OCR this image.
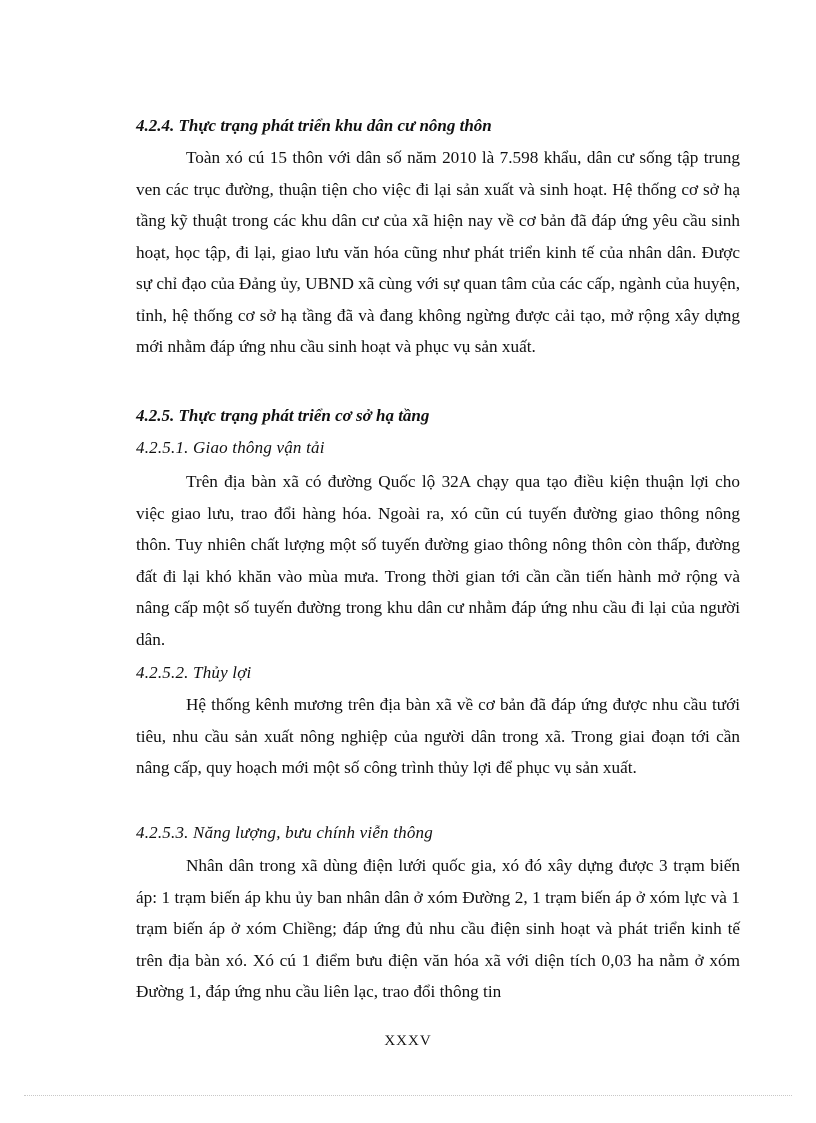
4.2.4. Thực trạng phát triển khu dân cư nông thôn

Toàn xó cú 15 thôn với dân số năm 2010 là 7.598 khẩu, dân cư sống tập trung ven các trục đường, thuận tiện cho việc đi lại sản xuất và sinh hoạt. Hệ thống cơ sở hạ tầng kỹ thuật trong các khu dân cư của xã hiện nay về cơ bản đã đáp ứng yêu cầu sinh hoạt, học tập, đi lại, giao lưu văn hóa cũng như phát triển kinh tế của nhân dân. Được sự chỉ đạo của Đảng ủy, UBND xã cùng với sự quan tâm của các cấp, ngành của huyện, tỉnh, hệ thống cơ sở hạ tầng đã và đang không ngừng được cải tạo, mở rộng xây dựng mới nhằm đáp ứng nhu cầu sinh hoạt và phục vụ sản xuất.

4.2.5. Thực trạng phát triển cơ sở hạ tầng
4.2.5.1. Giao thông vận tải

Trên địa bàn xã có đường Quốc lộ 32A chạy qua tạo điều kiện thuận lợi cho việc giao lưu, trao đổi hàng hóa. Ngoài ra, xó cũn cú tuyến đường giao thông nông thôn. Tuy nhiên chất lượng một số tuyến đường giao thông nông thôn còn thấp, đường đất đi lại khó khăn vào mùa mưa. Trong thời gian tới cần cần tiến hành mở rộng và nâng cấp một số tuyến đường trong khu dân cư nhằm đáp ứng nhu cầu đi lại của người dân.

4.2.5.2. Thủy lợi

Hệ thống kênh mương trên địa bàn xã về cơ bản đã đáp ứng được nhu cầu tưới tiêu, nhu cầu sản xuất nông nghiệp của người dân trong xã. Trong giai đoạn tới cần nâng cấp, quy hoạch mới một số công trình thủy lợi để phục vụ sản xuất.

4.2.5.3. Năng lượng, bưu chính viễn thông

Nhân dân trong xã dùng điện lưới quốc gia, xó đó xây dựng được 3 trạm biến áp: 1 trạm biến áp khu ủy ban nhân dân ở xóm Đường 2, 1 trạm biến áp ở xóm lực và 1 trạm biến áp ở xóm Chiềng; đáp ứng đủ nhu cầu điện sinh hoạt và phát triển kinh tế trên địa bàn xó. Xó cú 1 điểm bưu điện văn hóa xã với diện tích 0,03 ha nằm ở xóm Đường 1, đáp ứng nhu cầu liên lạc, trao đổi thông tin

XXXV
